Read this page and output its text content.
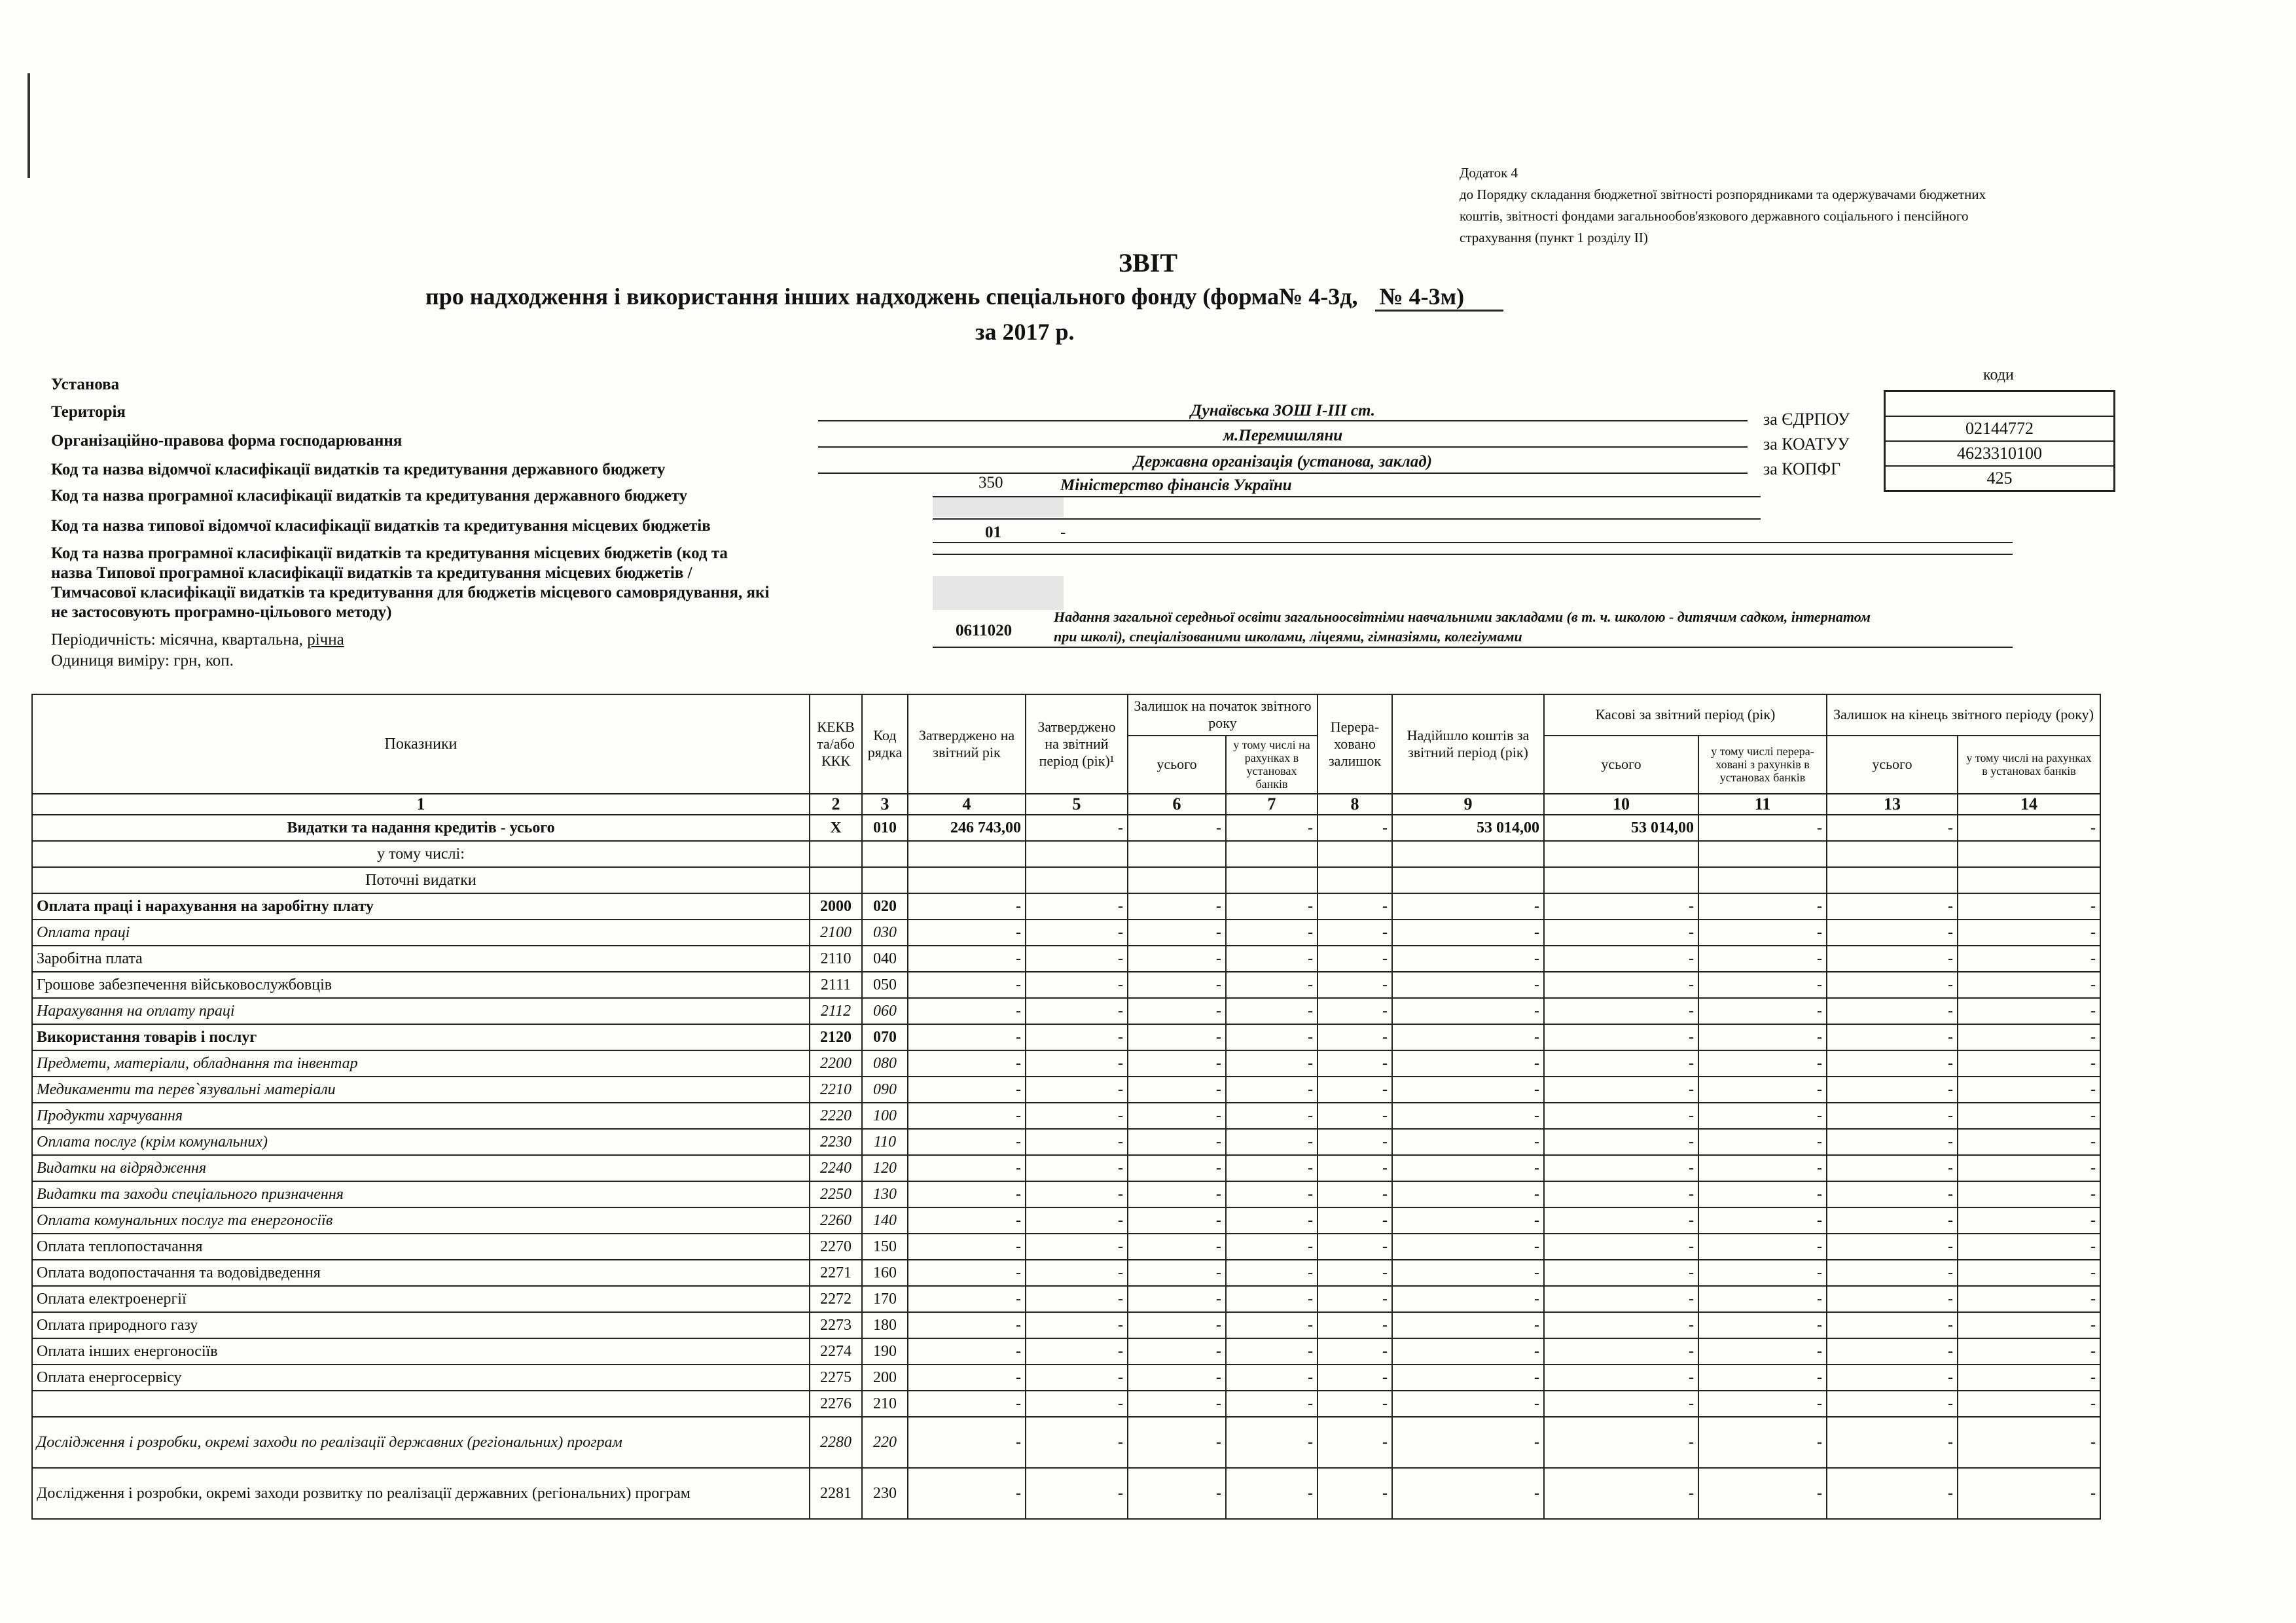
Додаток 4
до Порядку складання бюджетної звітності розпорядниками та одержувачами бюджетних
коштів, звітності фондами загальнообов'язкового державного соціального і пенсійного
страхування (пункт 1 розділу ІІ)
ЗВІТ
про надходження і використання інших надходжень спеціального фонду (форма№ 4-3д, № 4-3м)
за 2017 р.
коди
за ЄДРПОУ
за КОАТУУ
за КОПФГ
02144772
4623310100
425
Установа
Територія	Дунаївська ЗОШ І-ІІІ ст.
Організаційно-правова форма господарювання	м.Перемишляни
Код та назва відомчої класифікації видатків та кредитування державного бюджету	Державна організація (установа, заклад)
Код та назва програмної класифікації видатків та кредитування державного бюджету
350	Міністерство фінансів України
Код та назва типової відомчої класифікації видатків та кредитування місцевих бюджетів	01	-
Код та назва програмної класифікації видатків та кредитування місцевих бюджетів (код та
назва Типової програмної класифікації видатків та кредитування місцевих бюджетів /
Тимчасової класифікації видатків та кредитування для бюджетів місцевого самоврядування, які
не застосовують програмно-цільового методу)
0611020
Надання загальної середньої освіти загальноосвітніми навчальними закладами (в т. ч. школою - дитячим садком, інтернатом
при школі), спеціалізованими школами, ліцеями, гімназіями, колегіумами
Періодичність: місячна, квартальна, річна
Одиниця виміру: грн, коп.
Показники	КЕКВ та/або ККК	Код рядка	Затверджено на звітний рік	Затверджено на звітний період (рік)¹	Залишок на початок звітного року		Перера-ховано залишок	Надійшло коштів за звітний період (рік)	Касові за звітний період (рік)		Залишок на кінець звітного періоду (року)	
					усього	у тому числі на рахунках в установах банків			усього	у тому числі перера-ховані з рахунків в установах банків	усього	у тому числі на рахунках в установах банків
1	2	3	4	5	6	7	8	9	10	11	13	14
Видатки та надання кредитів - усього	X	010	246 743,00	-	-	-	-	53 014,00	53 014,00	-	-	-
у тому числі:												
Поточні видатки												
Оплата праці і нарахування на заробітну плату	2000	020	-	-	-	-	-	-	-	-	-	-
Оплата праці	2100	030	-	-	-	-	-	-	-	-	-	-
Заробітна плата	2110	040	-	-	-	-	-	-	-	-	-	-
Грошове забезпечення військовослужбовців	2111	050	-	-	-	-	-	-	-	-	-	-
Нарахування на оплату праці	2112	060	-	-	-	-	-	-	-	-	-	-
Використання товарів і послуг	2120	070	-	-	-	-	-	-	-	-	-	-
Предмети, матеріали, обладнання та інвентар	2200	080	-	-	-	-	-	-	-	-	-	-
Медикаменти та перев`язувальні матеріали	2210	090	-	-	-	-	-	-	-	-	-	-
Продукти харчування	2220	100	-	-	-	-	-	-	-	-	-	-
Оплата послуг (крім комунальних)	2230	110	-	-	-	-	-	-	-	-	-	-
Видатки на відрядження	2240	120	-	-	-	-	-	-	-	-	-	-
Видатки та заходи спеціального призначення	2250	130	-	-	-	-	-	-	-	-	-	-
Оплата комунальних послуг та енергоносіїв	2260	140	-	-	-	-	-	-	-	-	-	-
Оплата теплопостачання	2270	150	-	-	-	-	-	-	-	-	-	-
Оплата водопостачання та водовідведення	2271	160	-	-	-	-	-	-	-	-	-	-
Оплата електроенергії	2272	170	-	-	-	-	-	-	-	-	-	-
Оплата природного газу	2273	180	-	-	-	-	-	-	-	-	-	-
Оплата інших енергоносіїв	2274	190	-	-	-	-	-	-	-	-	-	-
Оплата енергосервісу	2275	200	-	-	-	-	-	-	-	-	-	-
	2276	210	-	-	-	-	-	-	-	-	-	-
Дослідження і розробки, окремі заходи по реалізації державних (регіональних) програм	2280	220	-	-	-	-	-	-	-	-	-	-
Дослідження і розробки, окремі заходи розвитку по реалізації державних (регіональних) програм	2281	230	-	-	-	-	-	-	-	-	-	-
